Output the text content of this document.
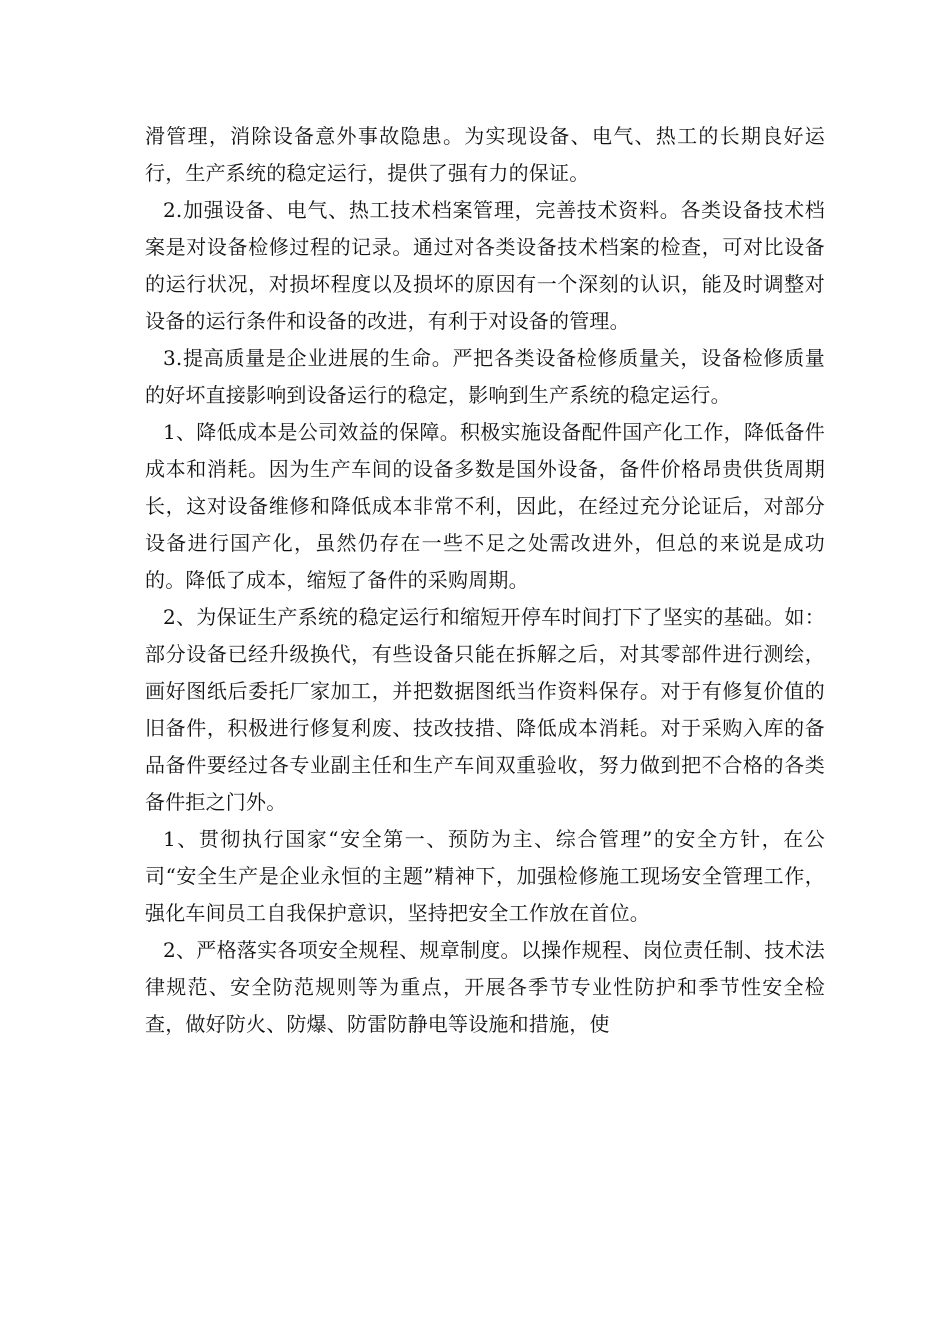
滑管理，消除设备意外事故隐患。为实现设备、电气、热工的长期良好运行，生产系统的稳定运行，提供了强有力的保证。

2.加强设备、电气、热工技术档案管理，完善技术资料。各类设备技术档案是对设备检修过程的记录。通过对各类设备技术档案的检查，可对比设备的运行状况，对损坏程度以及损坏的原因有一个深刻的认识，能及时调整对设备的运行条件和设备的改进，有利于对设备的管理。

3.提高质量是企业进展的生命。严把各类设备检修质量关，设备检修质量的好坏直接影响到设备运行的稳定，影响到生产系统的稳定运行。

1、降低成本是公司效益的保障。积极实施设备配件国产化工作，降低备件成本和消耗。因为生产车间的设备多数是国外设备，备件价格昂贵供货周期长，这对设备维修和降低成本非常不利，因此，在经过充分论证后，对部分设备进行国产化，虽然仍存在一些不足之处需改进外，但总的来说是成功的。降低了成本，缩短了备件的采购周期。

2、为保证生产系统的稳定运行和缩短开停车时间打下了坚实的基础。如：部分设备已经升级换代，有些设备只能在拆解之后，对其零部件进行测绘，画好图纸后委托厂家加工，并把数据图纸当作资料保存。对于有修复价值的旧备件，积极进行修复利废、技改技措、降低成本消耗。对于采购入库的备品备件要经过各专业副主任和生产车间双重验收，努力做到把不合格的各类备件拒之门外。

1、贯彻执行国家“安全第一、预防为主、综合管理”的安全方针，在公司“安全生产是企业永恒的主题”精神下，加强检修施工现场安全管理工作，强化车间员工自我保护意识，坚持把安全工作放在首位。

2、严格落实各项安全规程、规章制度。以操作规程、岗位责任制、技术法律规范、安全防范规则等为重点，开展各季节专业性防护和季节性安全检查，做好防火、防爆、防雷防静电等设施和措施，使
